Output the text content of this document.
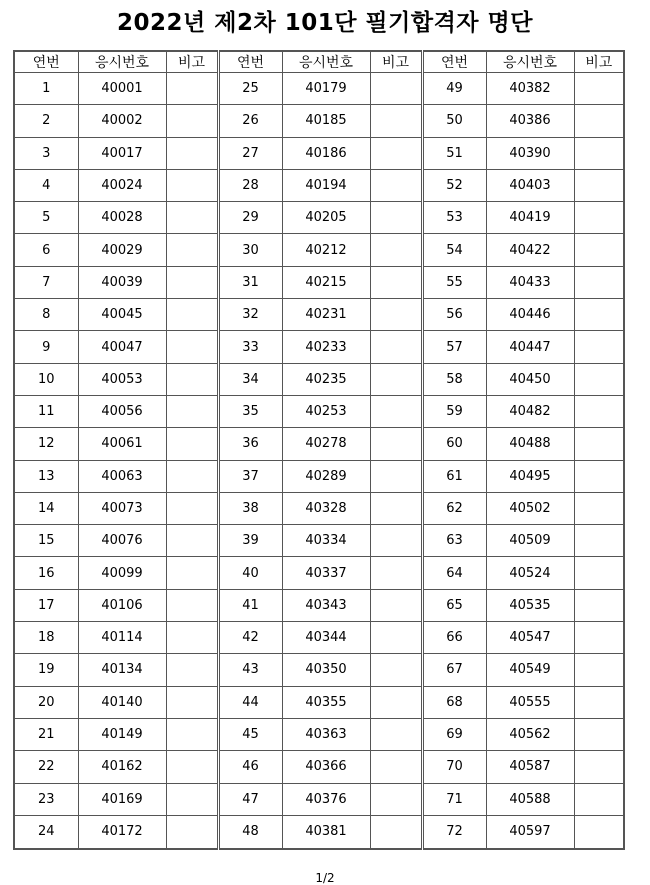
2022년 제2차 101단 필기합격자 명단
연번	응시번호	비고	연번	응시번호	비고	연번	응시번호	비고
1	40001		25	40179		49	40382	
2	40002		26	40185		50	40386	
3	40017		27	40186		51	40390	
4	40024		28	40194		52	40403	
5	40028		29	40205		53	40419	
6	40029		30	40212		54	40422	
7	40039		31	40215		55	40433	
8	40045		32	40231		56	40446	
9	40047		33	40233		57	40447	
10	40053		34	40235		58	40450	
11	40056		35	40253		59	40482	
12	40061		36	40278		60	40488	
13	40063		37	40289		61	40495	
14	40073		38	40328		62	40502	
15	40076		39	40334		63	40509	
16	40099		40	40337		64	40524	
17	40106		41	40343		65	40535	
18	40114		42	40344		66	40547	
19	40134		43	40350		67	40549	
20	40140		44	40355		68	40555	
21	40149		45	40363		69	40562	
22	40162		46	40366		70	40587	
23	40169		47	40376		71	40588	
24	40172		48	40381		72	40597	
1/2
